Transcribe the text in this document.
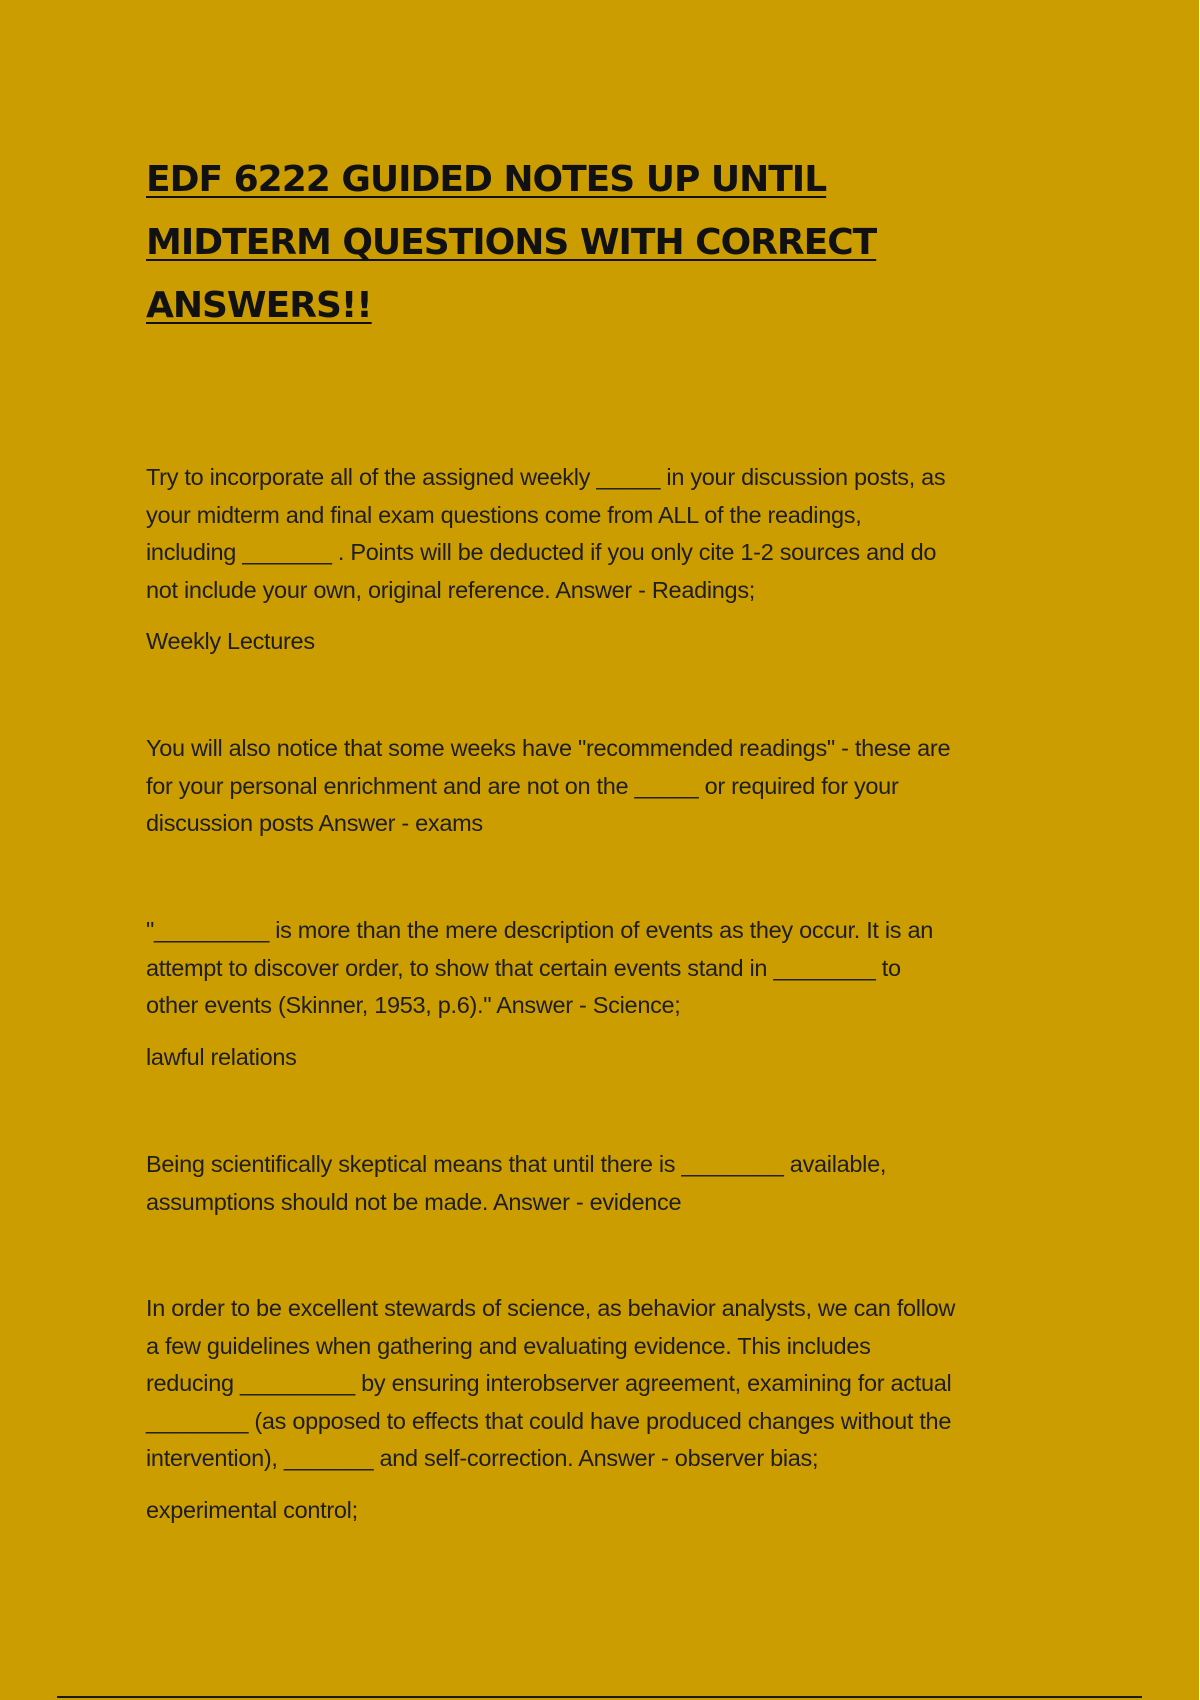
EDF 6222 GUIDED NOTES UP UNTIL
MIDTERM QUESTIONS WITH CORRECT
ANSWERS!!

Try to incorporate all of the assigned weekly _____ in your discussion posts, as
your midterm and final exam questions come from ALL of the readings,
including _______ . Points will be deducted if you only cite 1-2 sources and do
not include your own, original reference. Answer - Readings;

Weekly Lectures

You will also notice that some weeks have "recommended readings" - these are
for your personal enrichment and are not on the _____ or required for your
discussion posts Answer - exams

"_________ is more than the mere description of events as they occur. It is an
attempt to discover order, to show that certain events stand in ________ to
other events (Skinner, 1953, p.6)." Answer - Science;

lawful relations

Being scientifically skeptical means that until there is ________ available,
assumptions should not be made. Answer - evidence

In order to be excellent stewards of science, as behavior analysts, we can follow
a few guidelines when gathering and evaluating evidence. This includes
reducing _________ by ensuring interobserver agreement, examining for actual
________ (as opposed to effects that could have produced changes without the
intervention), _______ and self-correction. Answer - observer bias;

experimental control;
